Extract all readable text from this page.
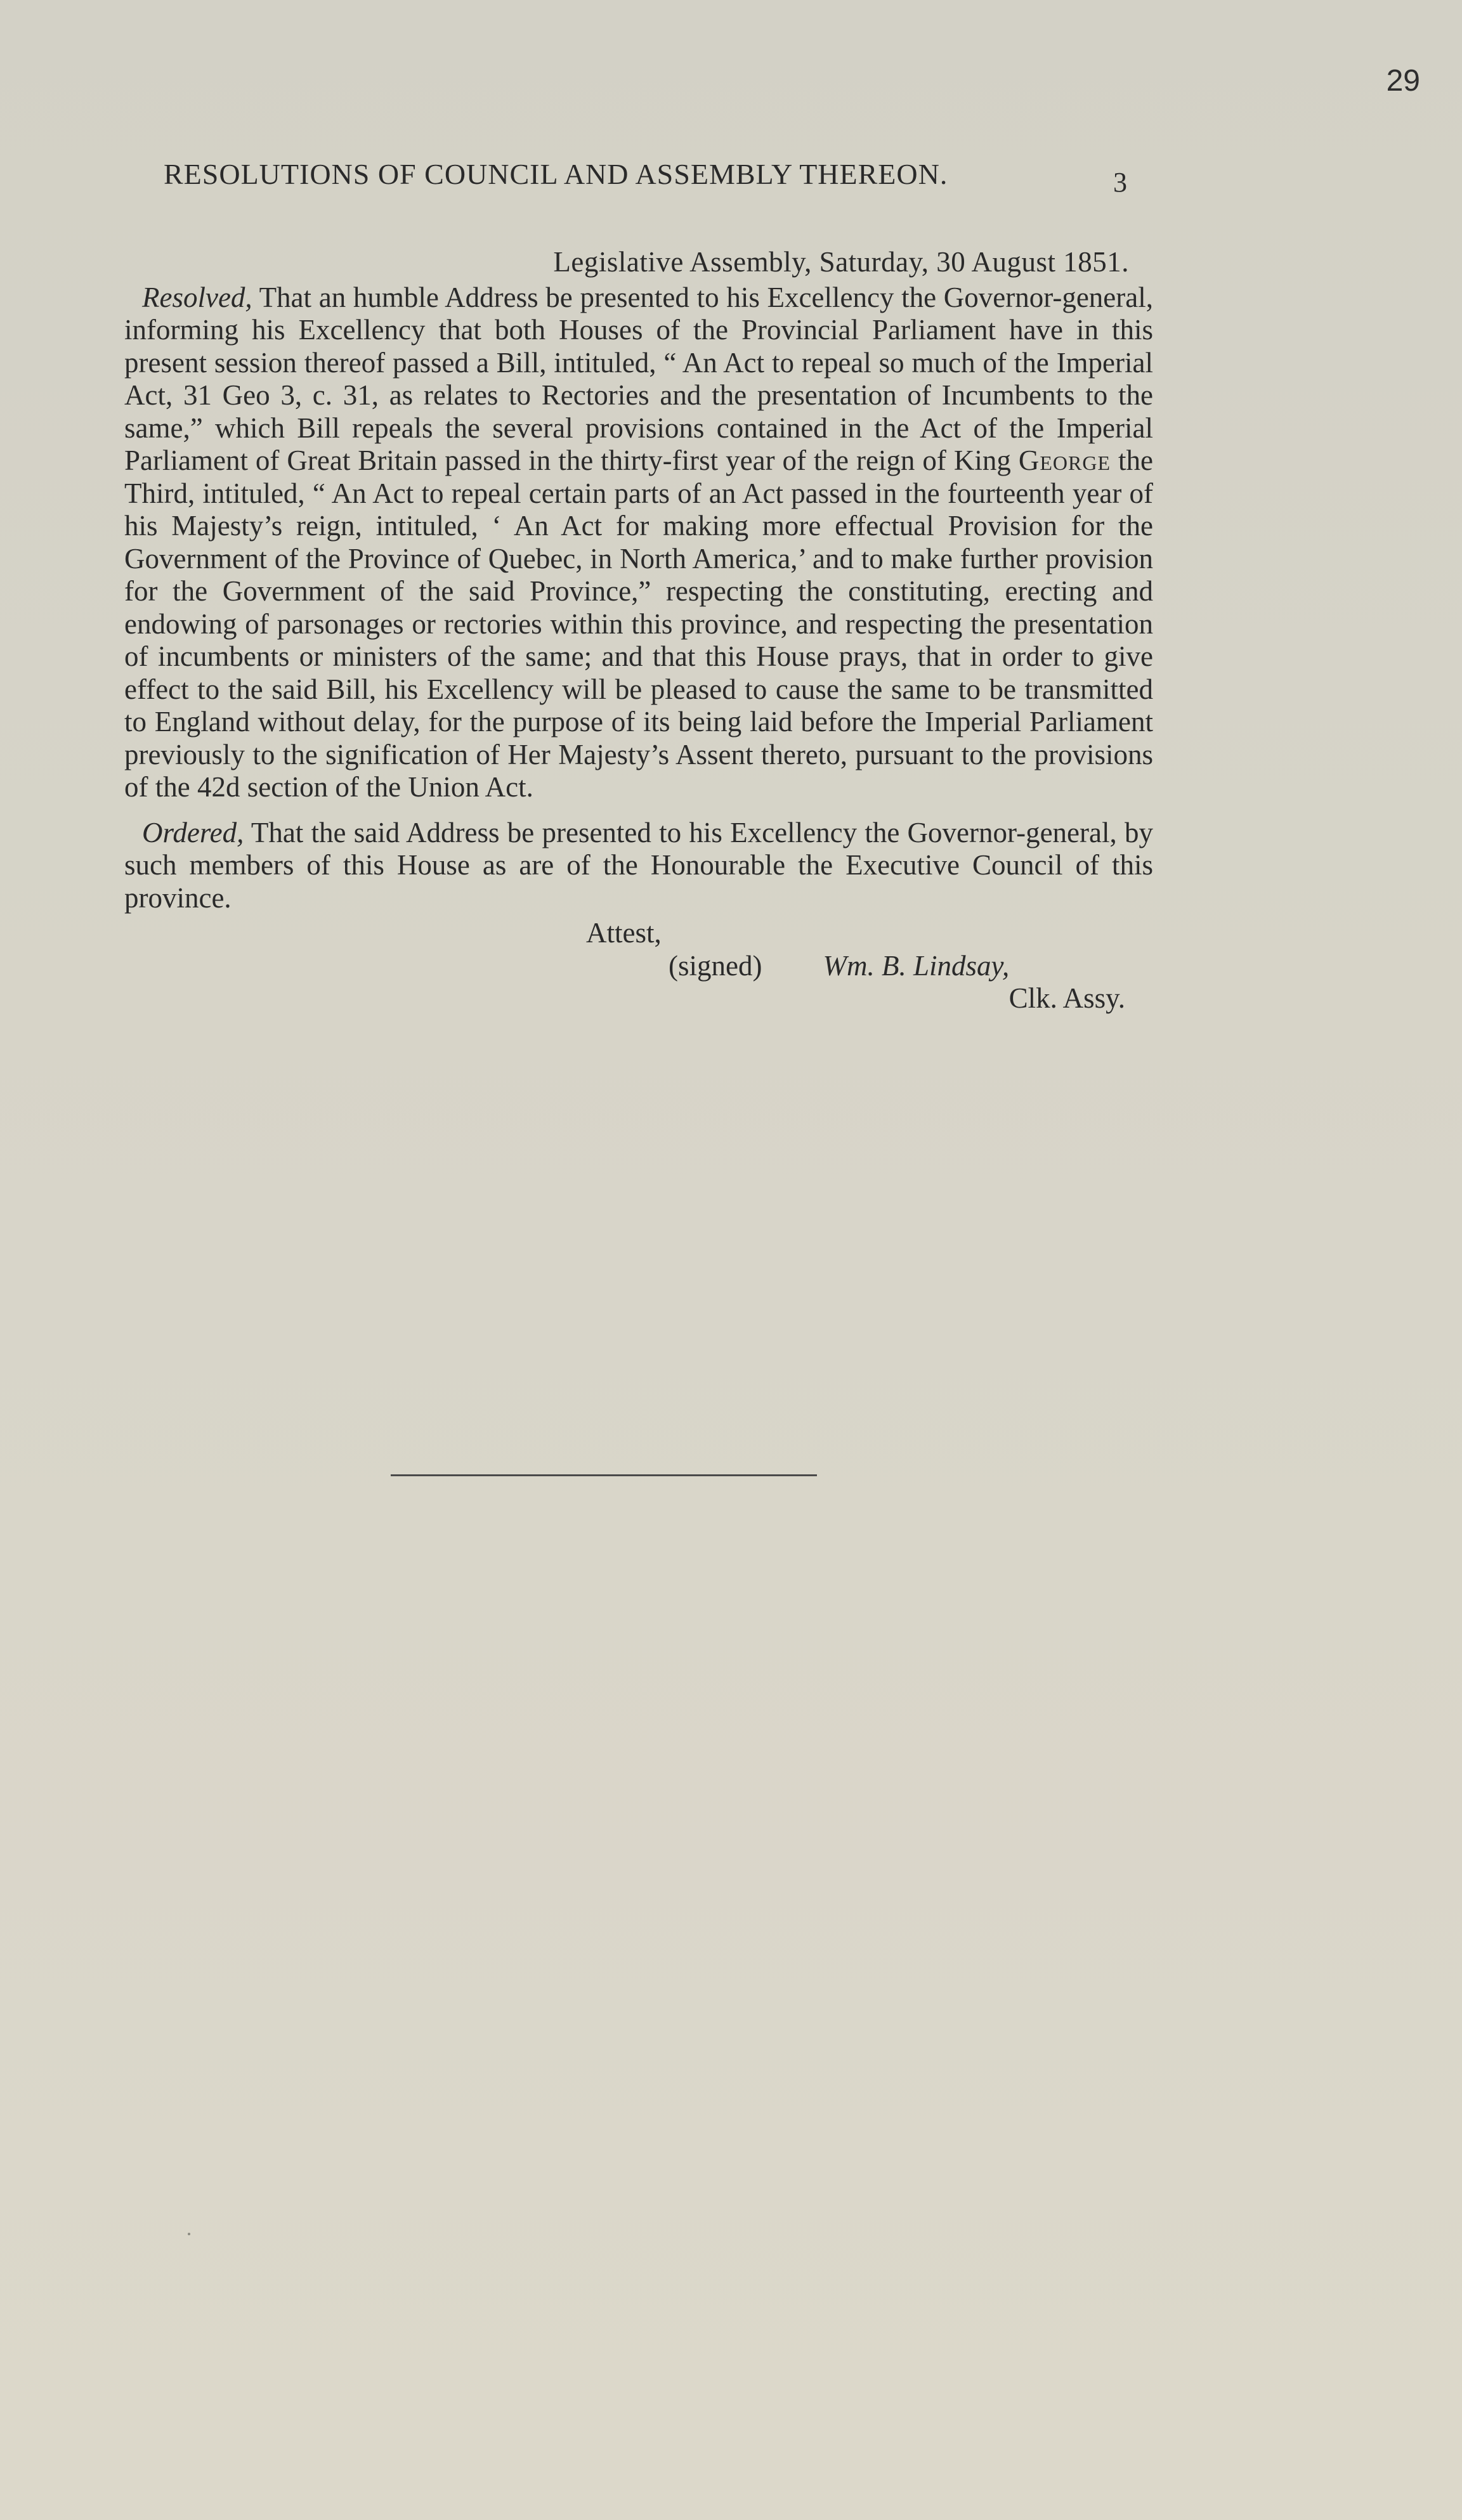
29
RESOLUTIONS OF COUNCIL AND ASSEMBLY THEREON.	3

Legislative Assembly, Saturday, 30 August 1851.

Resolved, That an humble Address be presented to his Excellency the Governor-general, informing his Excellency that both Houses of the Provincial Parliament have in this present session thereof passed a Bill, intituled, “ An Act to repeal so much of the Imperial Act, 31 Geo 3, c. 31, as relates to Rectories and the presentation of Incumbents to the same,” which Bill repeals the several provisions contained in the Act of the Imperial Parliament of Great Britain passed in the thirty-first year of the reign of King George the Third, intituled, “ An Act to repeal certain parts of an Act passed in the fourteenth year of his Majesty’s reign, intituled, ‘ An Act for making more effectual Provision for the Government of the Province of Quebec, in North America,’ and to make further provision for the Government of the said Province,” respecting the constituting, erecting and endowing of parsonages or rectories within this province, and respecting the presentation of incumbents or ministers of the same; and that this House prays, that in order to give effect to the said Bill, his Excellency will be pleased to cause the same to be transmitted to England without delay, for the purpose of its being laid before the Imperial Parliament previously to the signification of Her Majesty’s Assent thereto, pursuant to the provisions of the 42d section of the Union Act.

Ordered, That the said Address be presented to his Excellency the Governor-general, by such members of this House as are of the Honourable the Executive Council of this province.

Attest,

(signed) Wm. B. Lindsay,

Clk. Assy.
